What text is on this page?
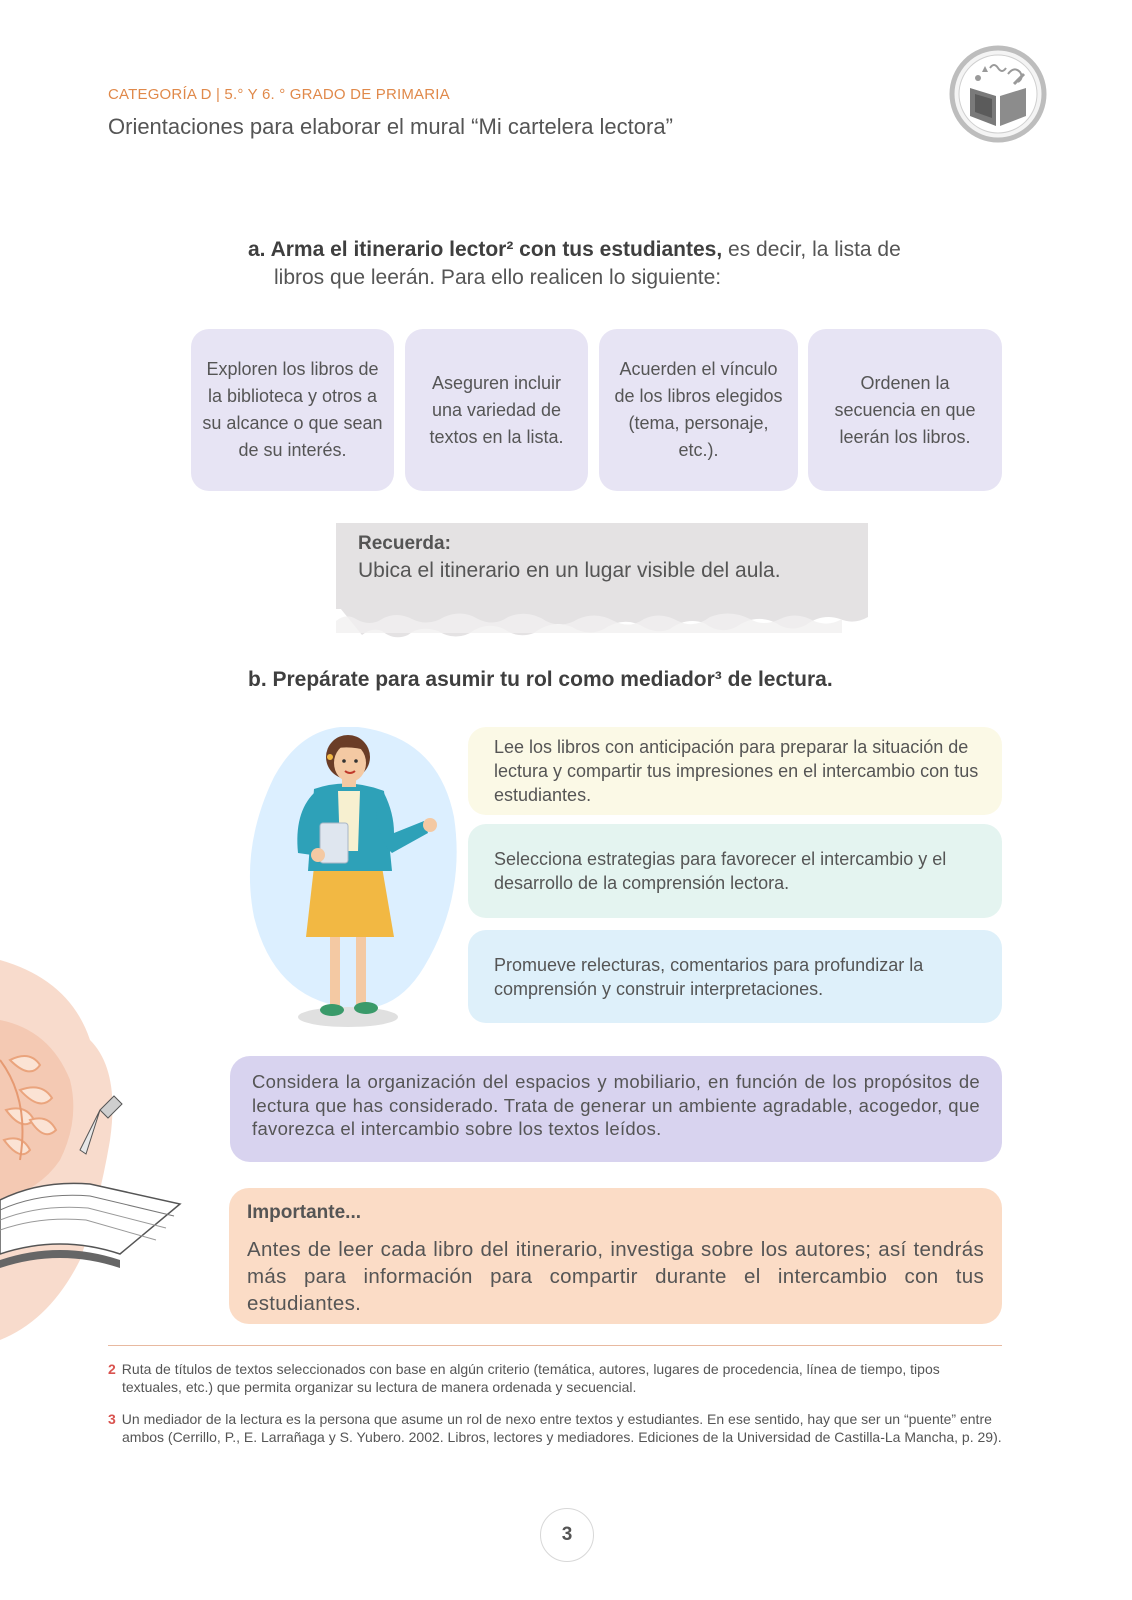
CATEGORÍA D | 5.° Y 6. ° GRADO DE PRIMARIA
Orientaciones para elaborar el mural “Mi cartelera lectora”
a. Arma el itinerario lector² con tus estudiantes, es decir, la lista de
libros que leerán. Para ello realicen lo siguiente:
Exploren los libros de la biblioteca y otros a su alcance o que sean de su interés.
Aseguren incluir una variedad de textos en la lista.
Acuerden el vínculo de los libros elegidos (tema, personaje, etc.).
Ordenen la secuencia en que leerán los libros.
Recuerda:
Ubica el itinerario en un lugar visible del aula.
b. Prepárate para asumir tu rol como mediador³ de lectura.
Lee los libros con anticipación para preparar la situación de lectura y compartir tus impresiones en el intercambio con tus estudiantes.
Selecciona estrategias para favorecer el intercambio y el desarrollo de la comprensión lectora.
Promueve relecturas, comentarios para profundizar la comprensión y construir interpretaciones.
Considera la organización del espacios y mobiliario, en función de los propósitos de lectura que has considerado. Trata de generar un ambiente agradable, acogedor, que favorezca el intercambio sobre los textos leídos.
Importante...
Antes de leer cada libro del itinerario, investiga sobre los autores; así tendrás más para información para compartir durante el intercambio con tus estudiantes.
2 Ruta de títulos de textos seleccionados con base en algún criterio (temática, autores, lugares de procedencia, línea de tiempo, tipos textuales, etc.) que permita organizar su lectura de manera ordenada y secuencial.
3 Un mediador de la lectura es la persona que asume un rol de nexo entre textos y estudiantes. En ese sentido, hay que ser un “puente” entre ambos (Cerrillo, P., E. Larrañaga y S. Yubero. 2002. Libros, lectores y mediadores. Ediciones de la Universidad de Castilla-La Mancha, p. 29).
3
